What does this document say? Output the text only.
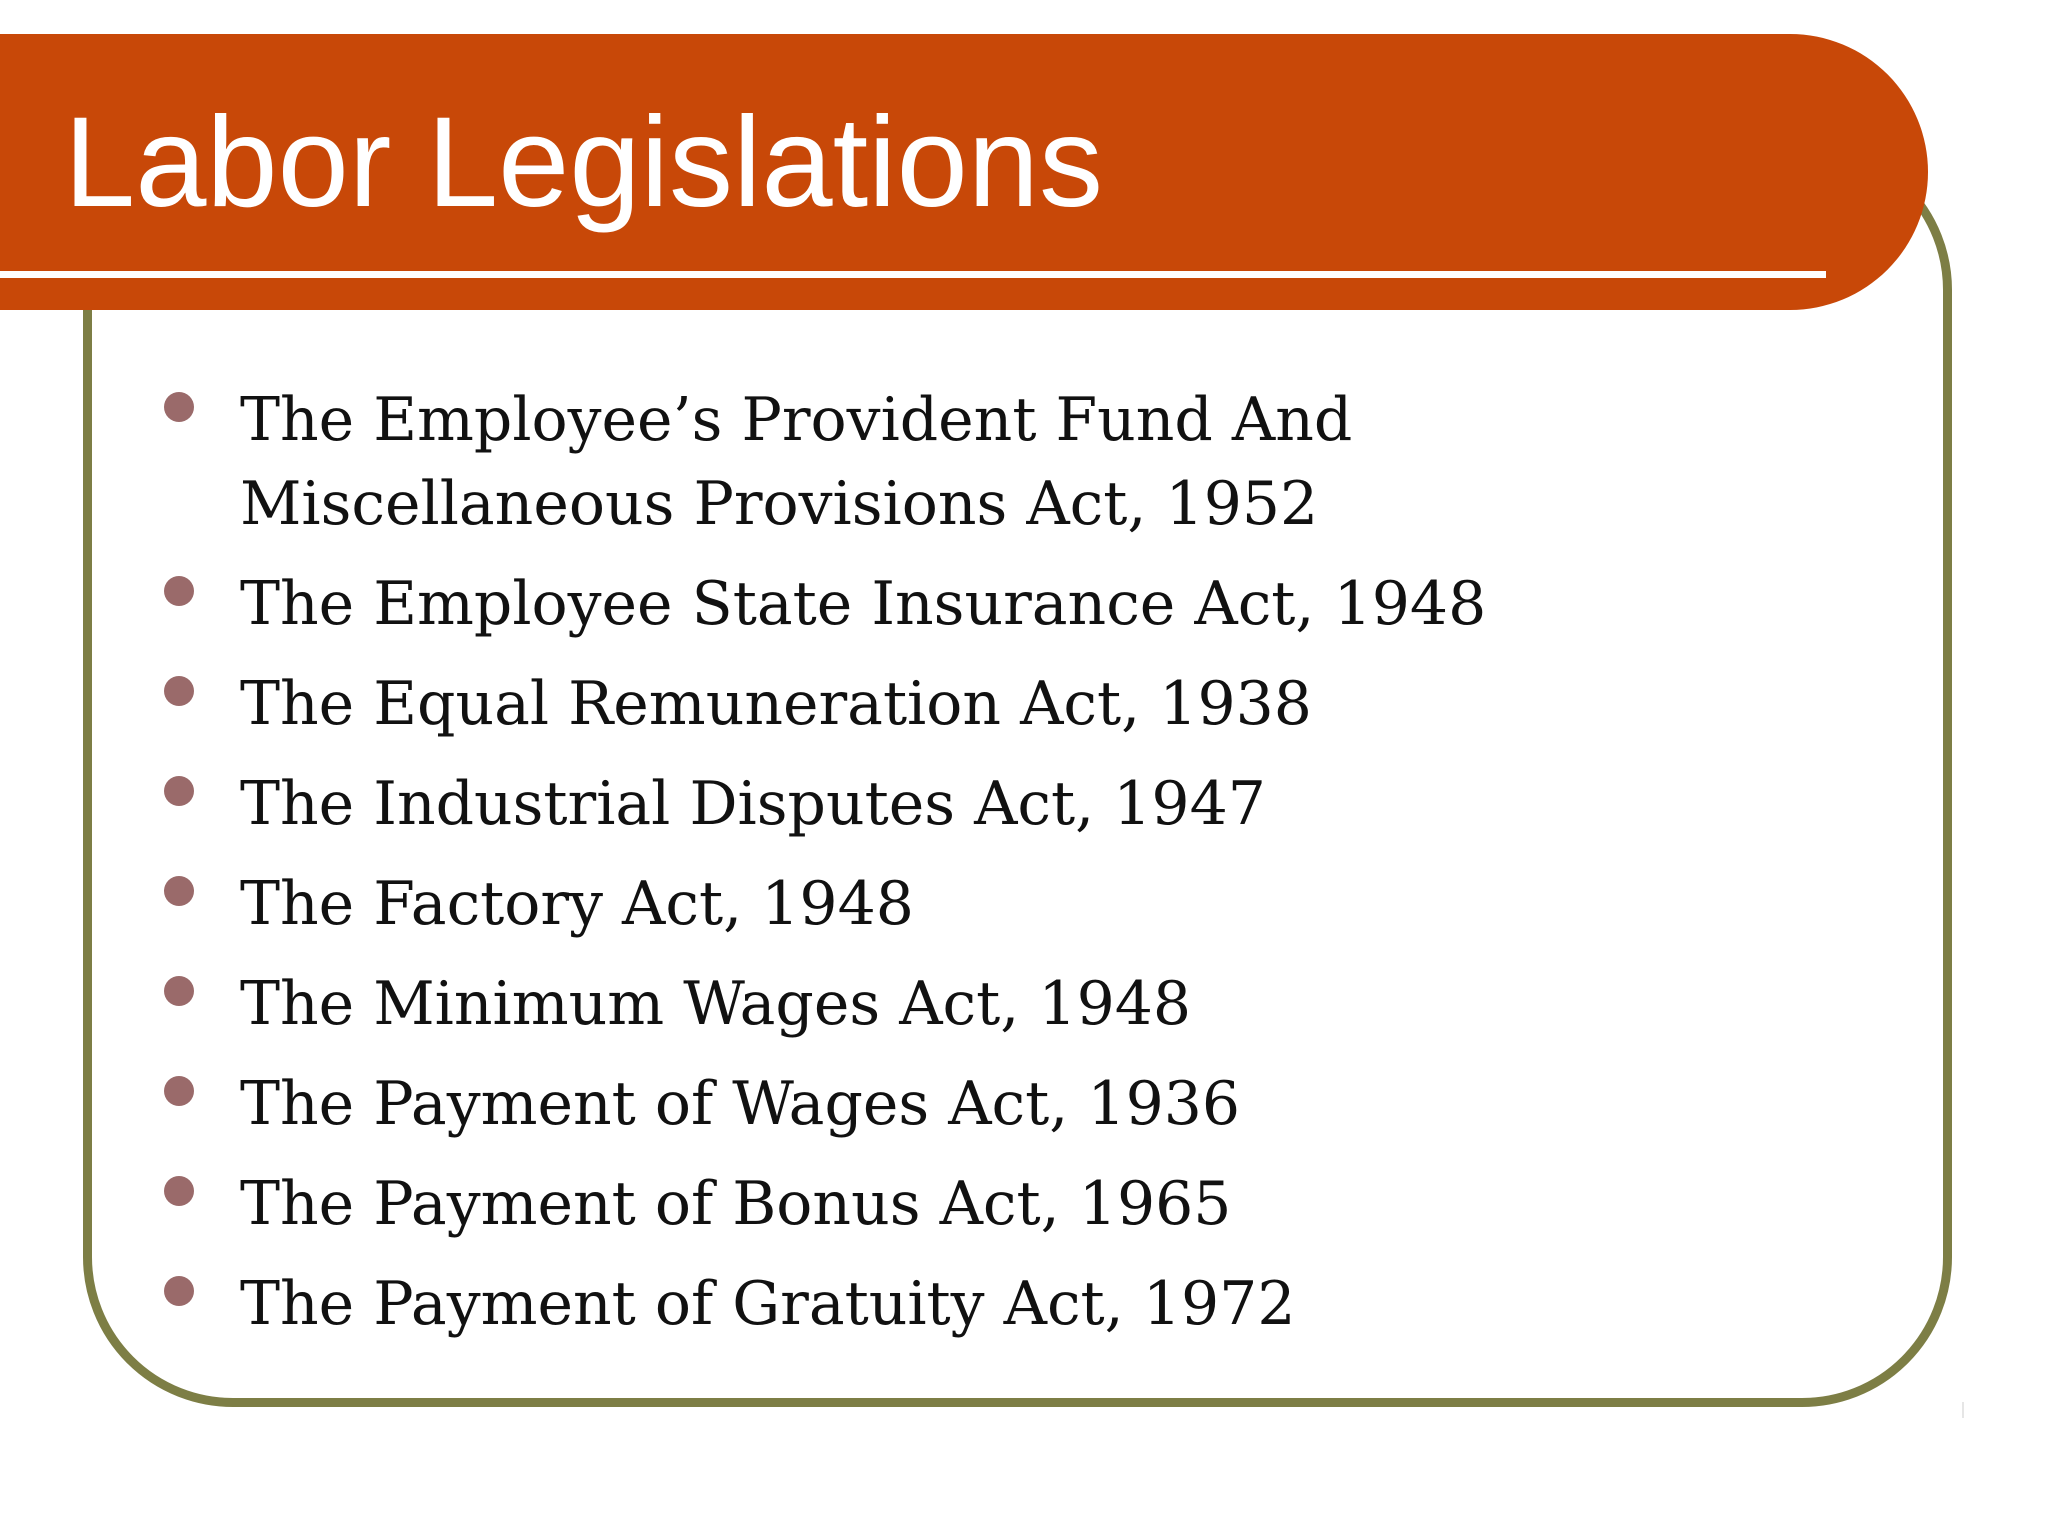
Labor Legislations
The Employee’s Provident Fund And Miscellaneous Provisions Act, 1952
The Employee State Insurance Act, 1948
The Equal Remuneration Act, 1938
The Industrial Disputes Act, 1947
The Factory Act, 1948
The Minimum Wages Act, 1948
The Payment of Wages Act, 1936
The Payment of Bonus Act, 1965
The Payment of Gratuity Act, 1972
